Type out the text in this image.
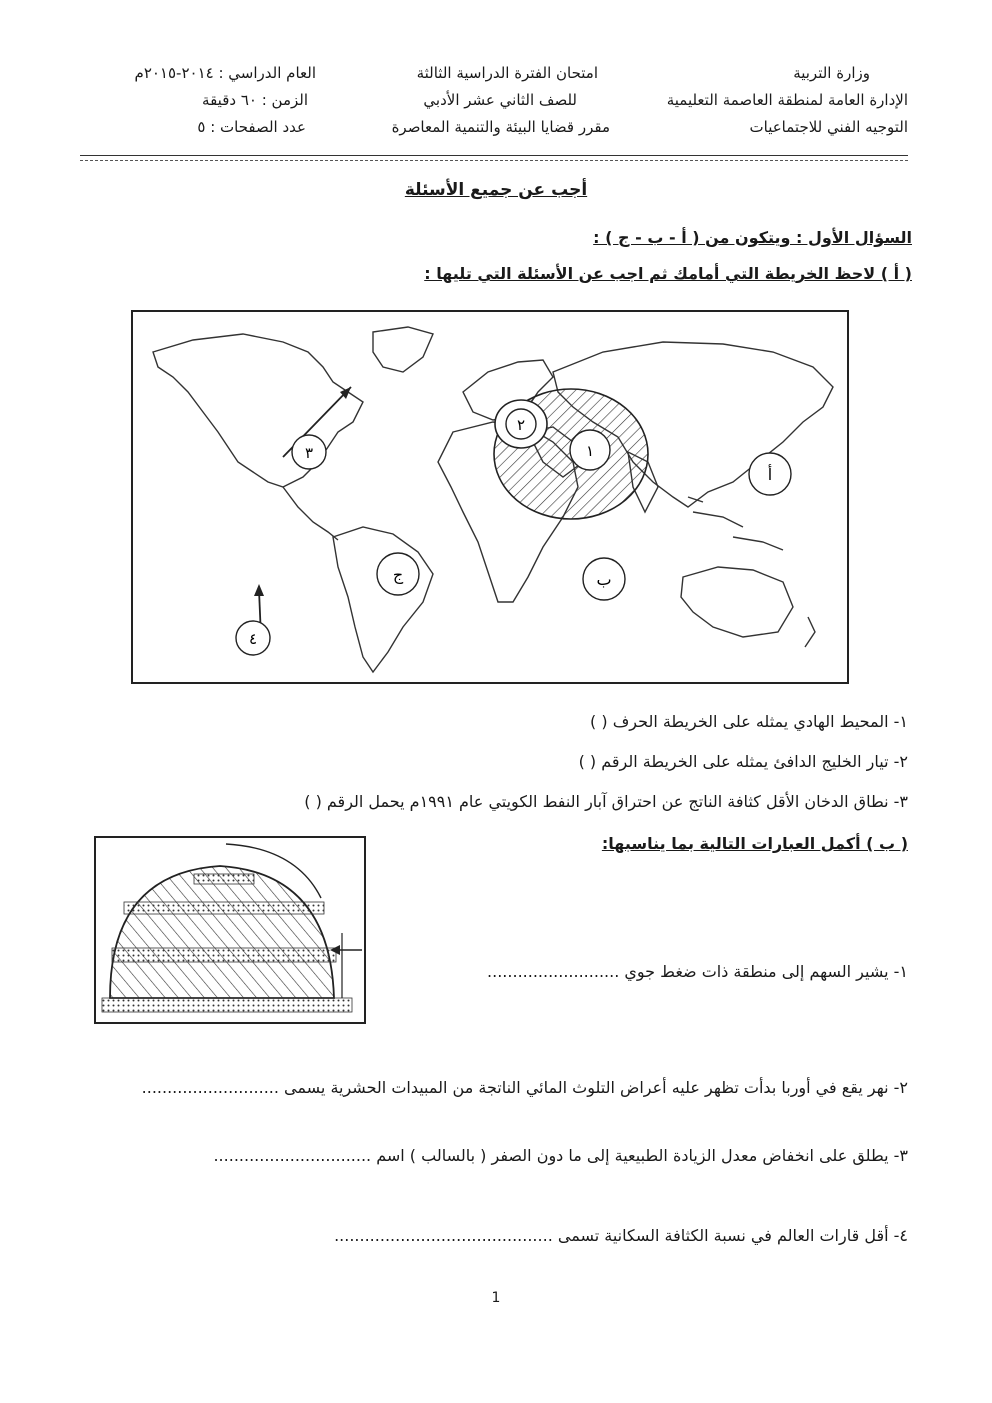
وزارة التربية
امتحان الفترة الدراسية الثالثة
العام الدراسي : ٢٠١٤-٢٠١٥م
الإدارة العامة لمنطقة العاصمة التعليمية
للصف الثاني عشر الأدبي
الزمن : ٦٠ دقيقة
التوجيه الفني للاجتماعيات
مقرر قضايا البيئة والتنمية المعاصرة
عدد الصفحات : ٥
أجب عن جميع الأسئلة
السؤال الأول : ويتكون من ( أ - ب - ج ) :
( أ ) لاحظ الخريطة التي أمامك ثم اجب عن الأسئلة التي تليها :
١
٢
٣
٤
أ
ب
ج
١- المحيط الهادي يمثله على الخريطة الحرف ( )
٢- تيار الخليج الدافئ يمثله على الخريطة الرقم ( )
٣- نطاق الدخان الأقل كثافة الناتج عن احتراق آبار النفط الكويتي عام ١٩٩١م يحمل الرقم ( )
( ب ) أكمل العبارات التالية بما يناسبها:
١- يشير السهم إلى منطقة ذات ضغط جوي ..........................
٢- نهر يقع في أوربا بدأت تظهر عليه أعراض التلوث المائي الناتجة من المبيدات الحشرية يسمى ...........................
٣- يطلق على انخفاض معدل الزيادة الطبيعية إلى ما دون الصفر ( بالسالب ) اسم ...............................
٤- أقل قارات العالم في نسبة الكثافة السكانية تسمى ...........................................
1
